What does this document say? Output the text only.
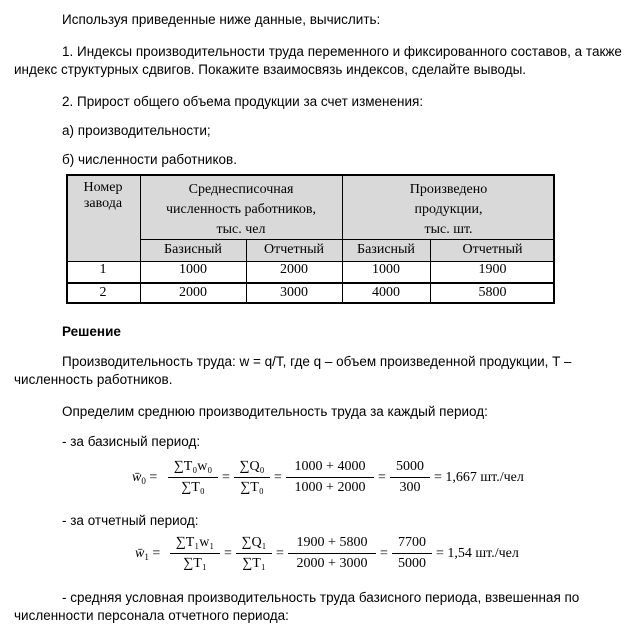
Используя приведенные ниже данные, вычислить:
1. Индексы производительности труда переменного и фиксированного составов, а также
индекс структурных сдвигов. Покажите взаимосвязь индексов, сделайте выводы.
2. Прирост общего объема продукции за счет изменения:
а) производительности;
б) численности работников.
Номер
завода
Среднесписочная
численность работников,
тыс. чел
Произведено
продукции,
тыс. шт.
Базисный	Отчетный	Базисный	Отчетный
1	1000	2000	1000	1900
2	2000	3000	4000	5800
Решение
Производительность труда: w = q/T, где q – объем произведенной продукции, T –
численность работников.
Определим среднюю производительность труда за каждый период:
- за базисный период:
$w̄_0$ =
∑T₀w₀
∑T₀
=
∑Q₀
∑T₀
=
1000 + 4000
1000 + 2000
=
5000
300
= 1,667 шт./чел
- за отчетный период:
$w̄_1$ =
∑T₁w₁
∑T₁
=
∑Q₁
∑T₁
=
1900 + 5800
2000 + 3000
=
7700
5000
= 1,54 шт./чел
- средняя условная производительность труда базисного периода, взвешенная по
численности персонала отчетного периода:
